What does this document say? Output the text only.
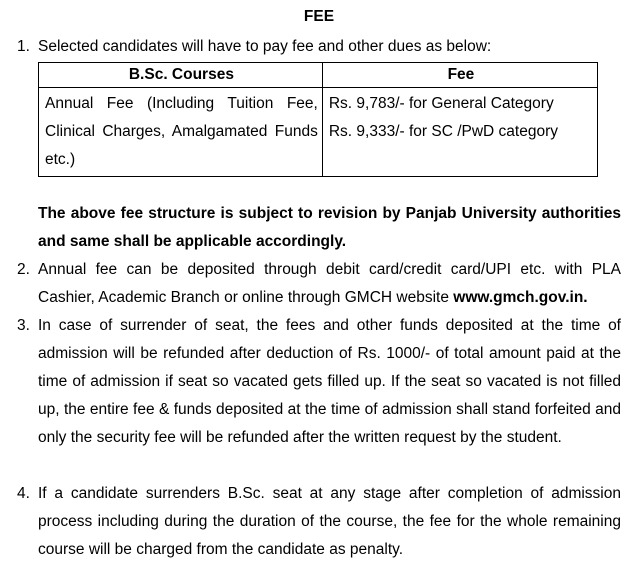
FEE
1. Selected candidates will have to pay fee and other dues as below:
B.Sc. Courses	Fee
Annual Fee (Including Tuition Fee, Clinical Charges, Amalgamated Funds etc.)	Rs. 9,783/- for General Category
Rs. 9,333/- for SC /PwD category
The above fee structure is subject to revision by Panjab University authorities and same shall be applicable accordingly.
2. Annual fee can be deposited through debit card/credit card/UPI etc. with PLA Cashier, Academic Branch or online through GMCH website www.gmch.gov.in.
3. In case of surrender of seat, the fees and other funds deposited at the time of admission will be refunded after deduction of Rs. 1000/- of total amount paid at the time of admission if seat so vacated gets filled up. If the seat so vacated is not filled up, the entire fee & funds deposited at the time of admission shall stand forfeited and only the security fee will be refunded after the written request by the student.
4. If a candidate surrenders B.Sc. seat at any stage after completion of admission process including during the duration of the course, the fee for the whole remaining course will be charged from the candidate as penalty.
